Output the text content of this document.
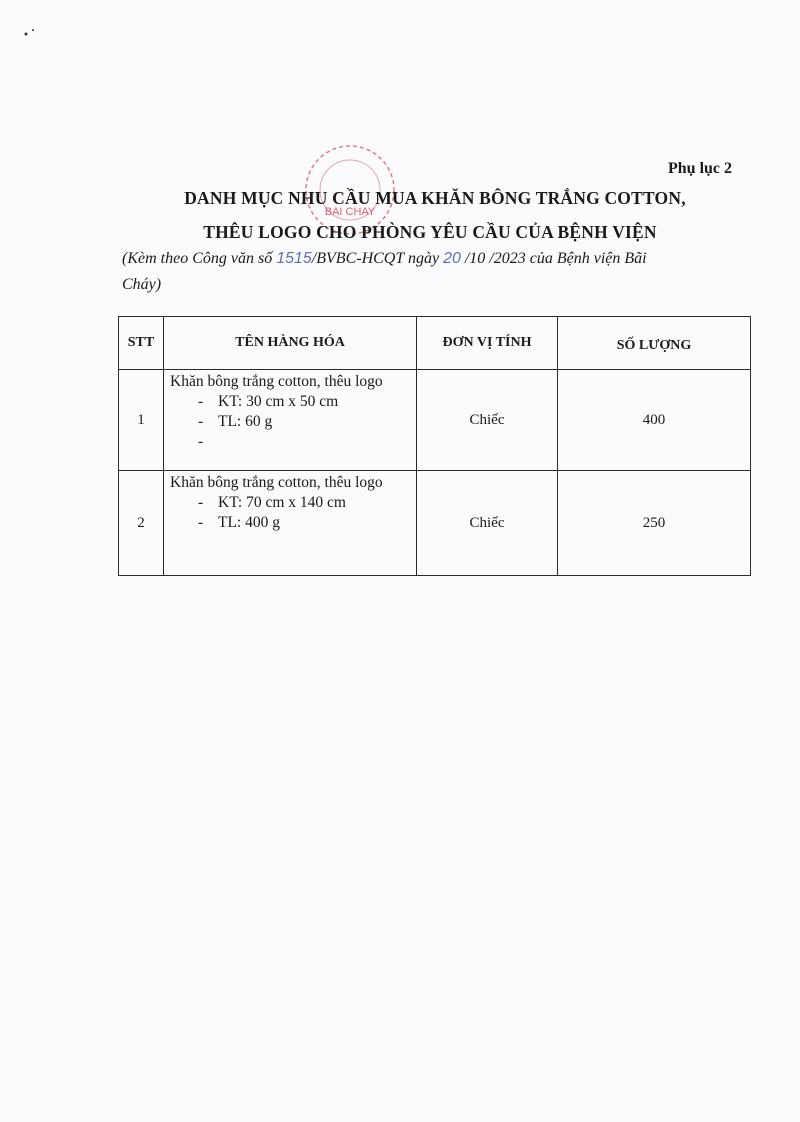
Phụ lục 2
BAI CHAY
DANH MỤC NHU CẦU MUA KHĂN BÔNG TRẮNG COTTON,
THÊU LOGO CHO PHÒNG YÊU CẦU CỦA BỆNH VIỆN
(Kèm theo Công văn số 1515/BVBC-HCQT ngày 20 /10 /2023 của Bệnh viện Bãi
Cháy)
STT	TÊN HÀNG HÓA	ĐƠN VỊ TÍNH	SỐ LƯỢNG
1	Khăn bông trắng cotton, thêu logo
- KT: 30 cm x 50 cm
- TL: 60 g
-	Chiếc	400
2	Khăn bông trắng cotton, thêu logo
- KT: 70 cm x 140 cm
- TL: 400 g	Chiếc	250
